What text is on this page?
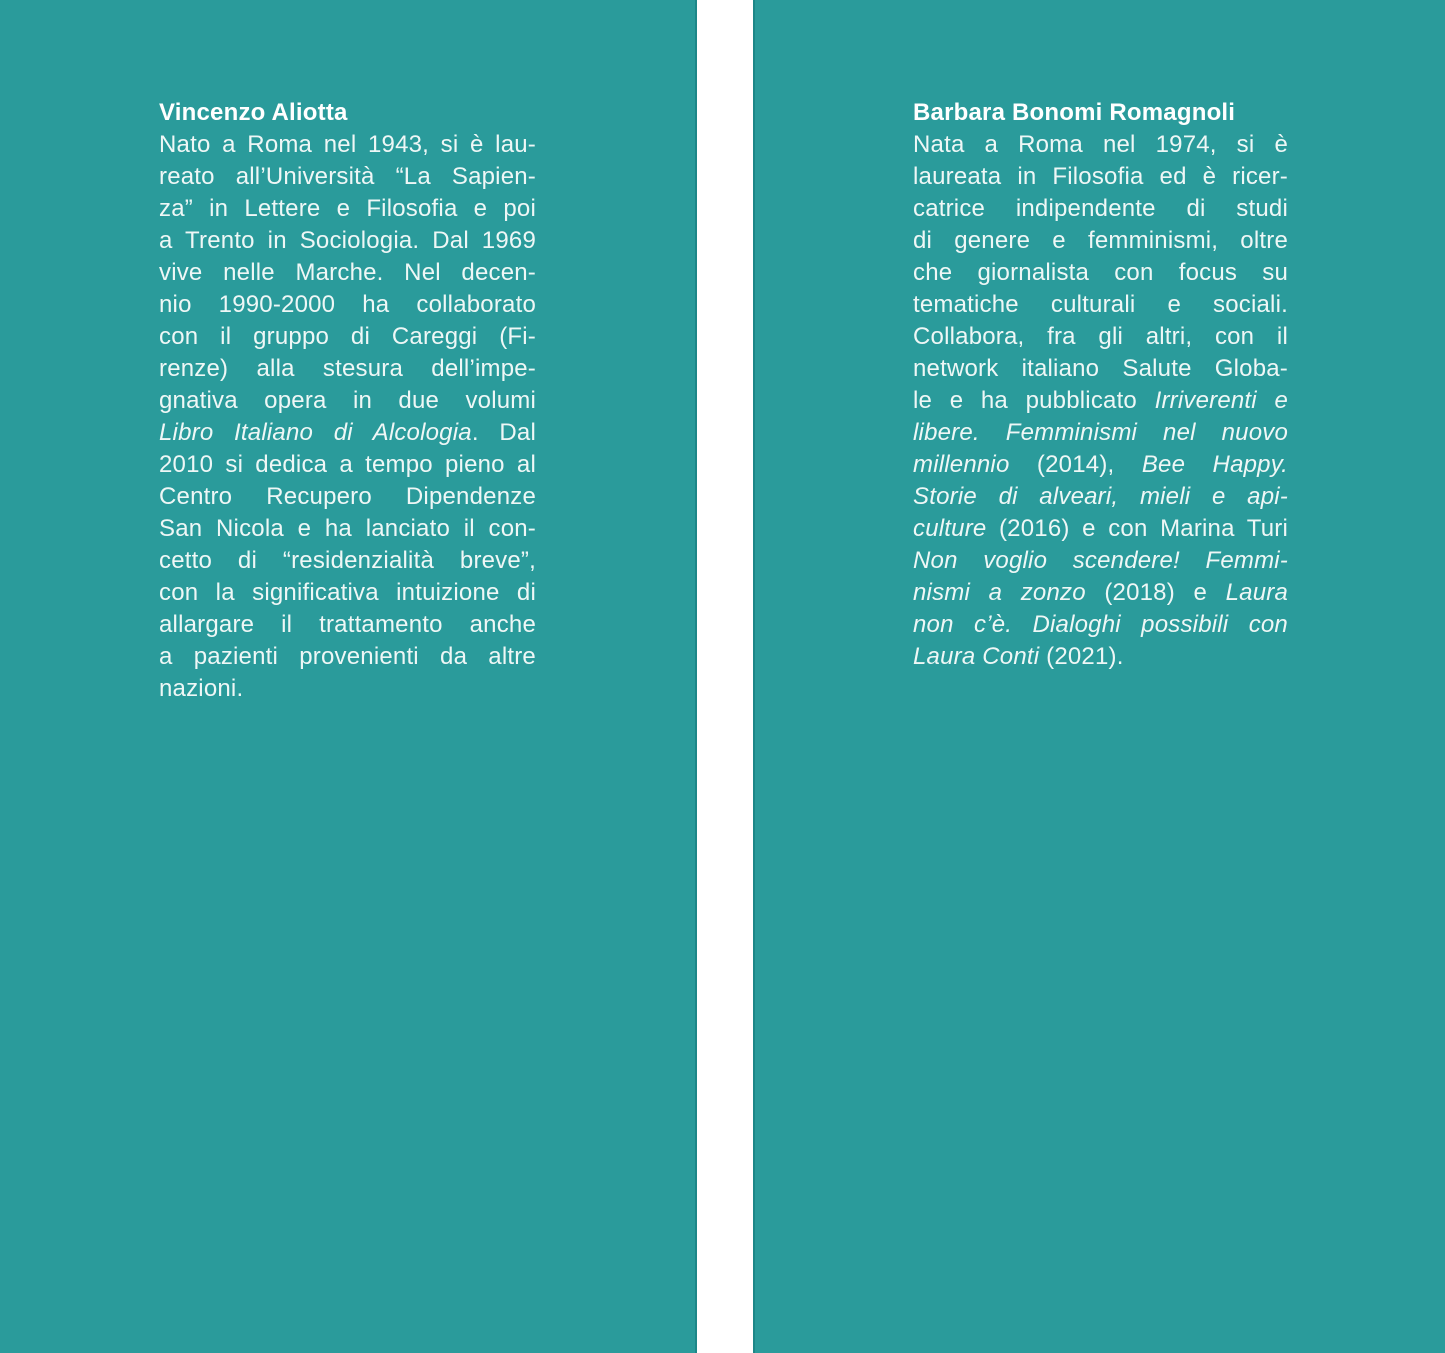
Vincenzo Aliotta
Nato a Roma nel 1943, si è lau-
reato all’Università “La Sapien-
za” in Lettere e Filosofia e poi
a Trento in Sociologia. Dal 1969
vive nelle Marche. Nel decen-
nio 1990-2000 ha collaborato
con il gruppo di Careggi (Fi-
renze) alla stesura dell’impe-
gnativa opera in due volumi
Libro Italiano di Alcologia. Dal
2010 si dedica a tempo pieno al
Centro Recupero Dipendenze
San Nicola e ha lanciato il con-
cetto di “residenzialità breve”,
con la significativa intuizione di
allargare il trattamento anche
a pazienti provenienti da altre
nazioni.
Barbara Bonomi Romagnoli
Nata a Roma nel 1974, si è
laureata in Filosofia ed è ricer-
catrice indipendente di studi
di genere e femminismi, oltre
che giornalista con focus su
tematiche culturali e sociali.
Collabora, fra gli altri, con il
network italiano Salute Globa-
le e ha pubblicato Irriverenti e
libere. Femminismi nel nuovo
millennio (2014), Bee Happy.
Storie di alveari, mieli e api-
culture (2016) e con Marina Turi
Non voglio scendere! Femmi-
nismi a zonzo (2018) e Laura
non c’è. Dialoghi possibili con
Laura Conti (2021).
